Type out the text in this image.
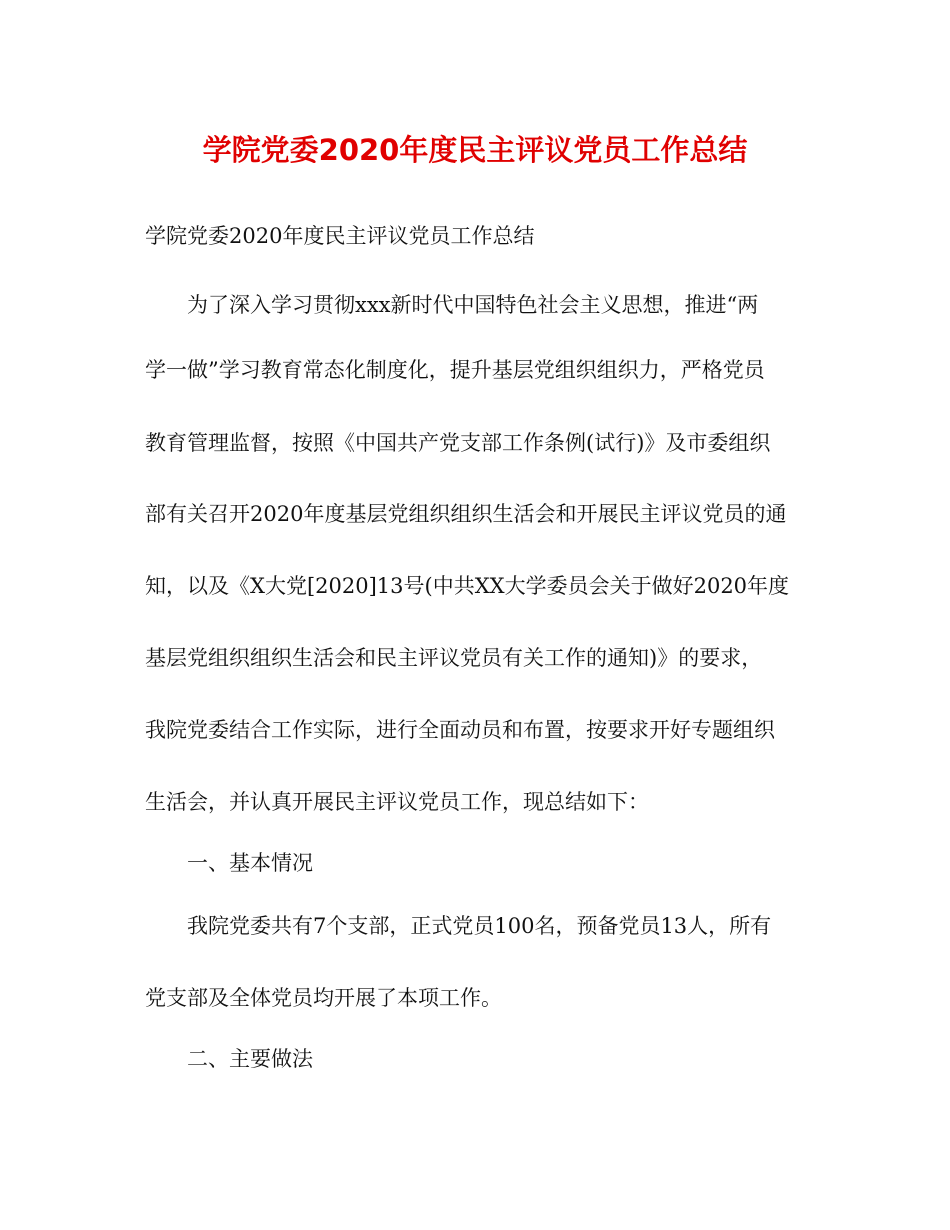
学院党委2020年度民主评议党员工作总结
学院党委2020年度民主评议党员工作总结
为了深入学习贯彻xxx新时代中国特色社会主义思想，推进“两
学一做”学习教育常态化制度化，提升基层党组织组织力，严格党员
教育管理监督，按照《中国共产党支部工作条例(试行)》及市委组织
部有关召开2020年度基层党组织组织生活会和开展民主评议党员的通
知，以及《X大党[2020]13号(中共XX大学委员会关于做好2020年度
基层党组织组织生活会和民主评议党员有关工作的通知)》的要求，
我院党委结合工作实际，进行全面动员和布置，按要求开好专题组织
生活会，并认真开展民主评议党员工作，现总结如下：
一、基本情况
我院党委共有7个支部，正式党员100名，预备党员13人，所有
党支部及全体党员均开展了本项工作。
二、主要做法
